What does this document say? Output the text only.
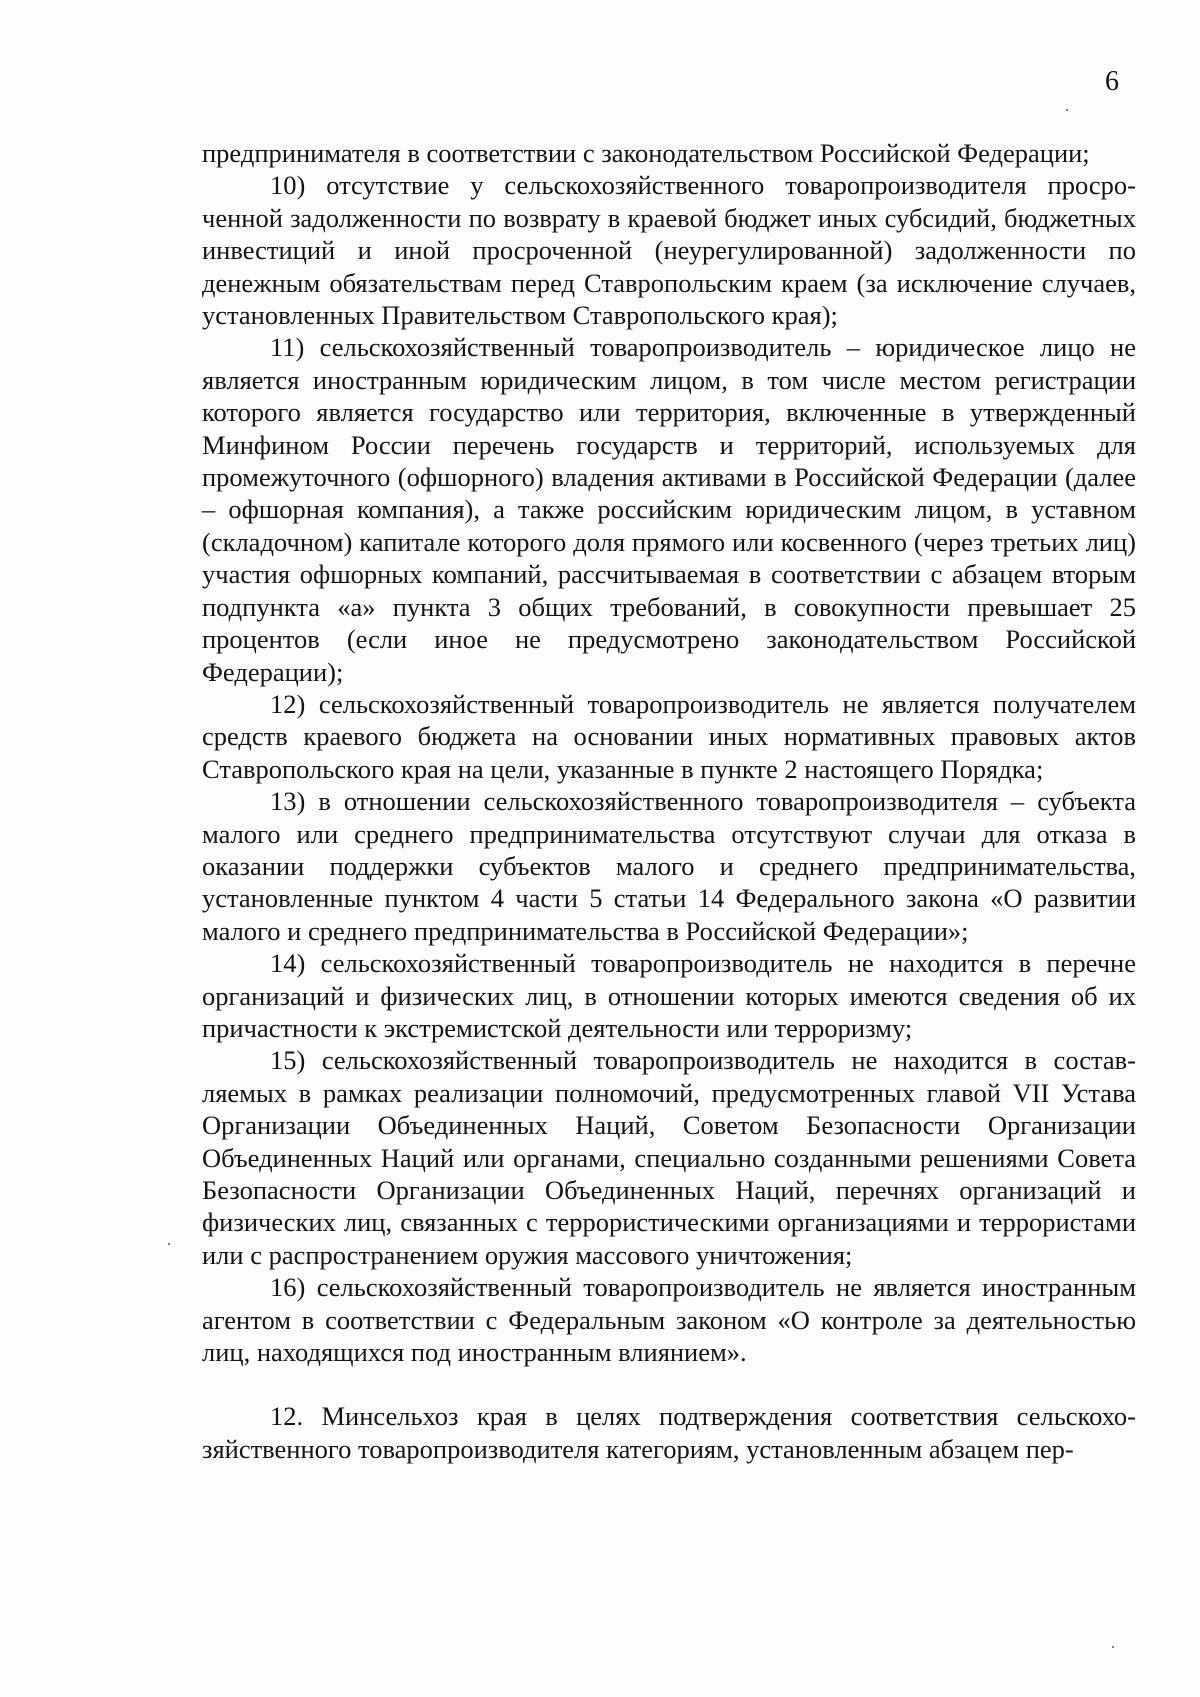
6

предпринимателя в соответствии с законодательством Российской Федерации;

10) отсутствие у сельскохозяйственного товаропроизводителя просроченной задолженности по возврату в краевой бюджет иных субсидий, бюджетных инвестиций и иной просроченной (неурегулированной) задолженности по денежным обязательствам перед Ставропольским краем (за исключение случаев, установленных Правительством Ставропольского края);

11) сельскохозяйственный товаропроизводитель – юридическое лицо не является иностранным юридическим лицом, в том числе местом регистрации которого является государство или территория, включенные в утвержденный Минфином России перечень государств и территорий, используемых для промежуточного (офшорного) владения активами в Российской Федерации (далее – офшорная компания), а также российским юридическим лицом, в уставном (складочном) капитале которого доля прямого или косвенного (через третьих лиц) участия офшорных компаний, рассчитываемая в соответствии с абзацем вторым подпункта «а» пункта 3 общих требований, в совокупности превышает 25 процентов (если иное не предусмотрено законодательством Российской Федерации);

12) сельскохозяйственный товаропроизводитель не является получателем средств краевого бюджета на основании иных нормативных правовых актов Ставропольского края на цели, указанные в пункте 2 настоящего Порядка;

13) в отношении сельскохозяйственного товаропроизводителя – субъекта малого или среднего предпринимательства отсутствуют случаи для отказа в оказании поддержки субъектов малого и среднего предпринимательства, установленные пунктом 4 части 5 статьи 14 Федерального закона «О развитии малого и среднего предпринимательства в Российской Федерации»;

14) сельскохозяйственный товаропроизводитель не находится в перечне организаций и физических лиц, в отношении которых имеются сведения об их причастности к экстремистской деятельности или терроризму;

15) сельскохозяйственный товаропроизводитель не находится в составляемых в рамках реализации полномочий, предусмотренных главой VII Устава Организации Объединенных Наций, Советом Безопасности Организации Объединенных Наций или органами, специально созданными решениями Совета Безопасности Организации Объединенных Наций, перечнях организаций и физических лиц, связанных с террористическими организациями и террористами или с распространением оружия массового уничтожения;

16) сельскохозяйственный товаропроизводитель не является иностранным агентом в соответствии с Федеральным законом «О контроле за деятельностью лиц, находящихся под иностранным влиянием».

12. Минсельхоз края в целях подтверждения соответствия сельскохозяйственного товаропроизводителя категориям, установленным абзацем пер-
